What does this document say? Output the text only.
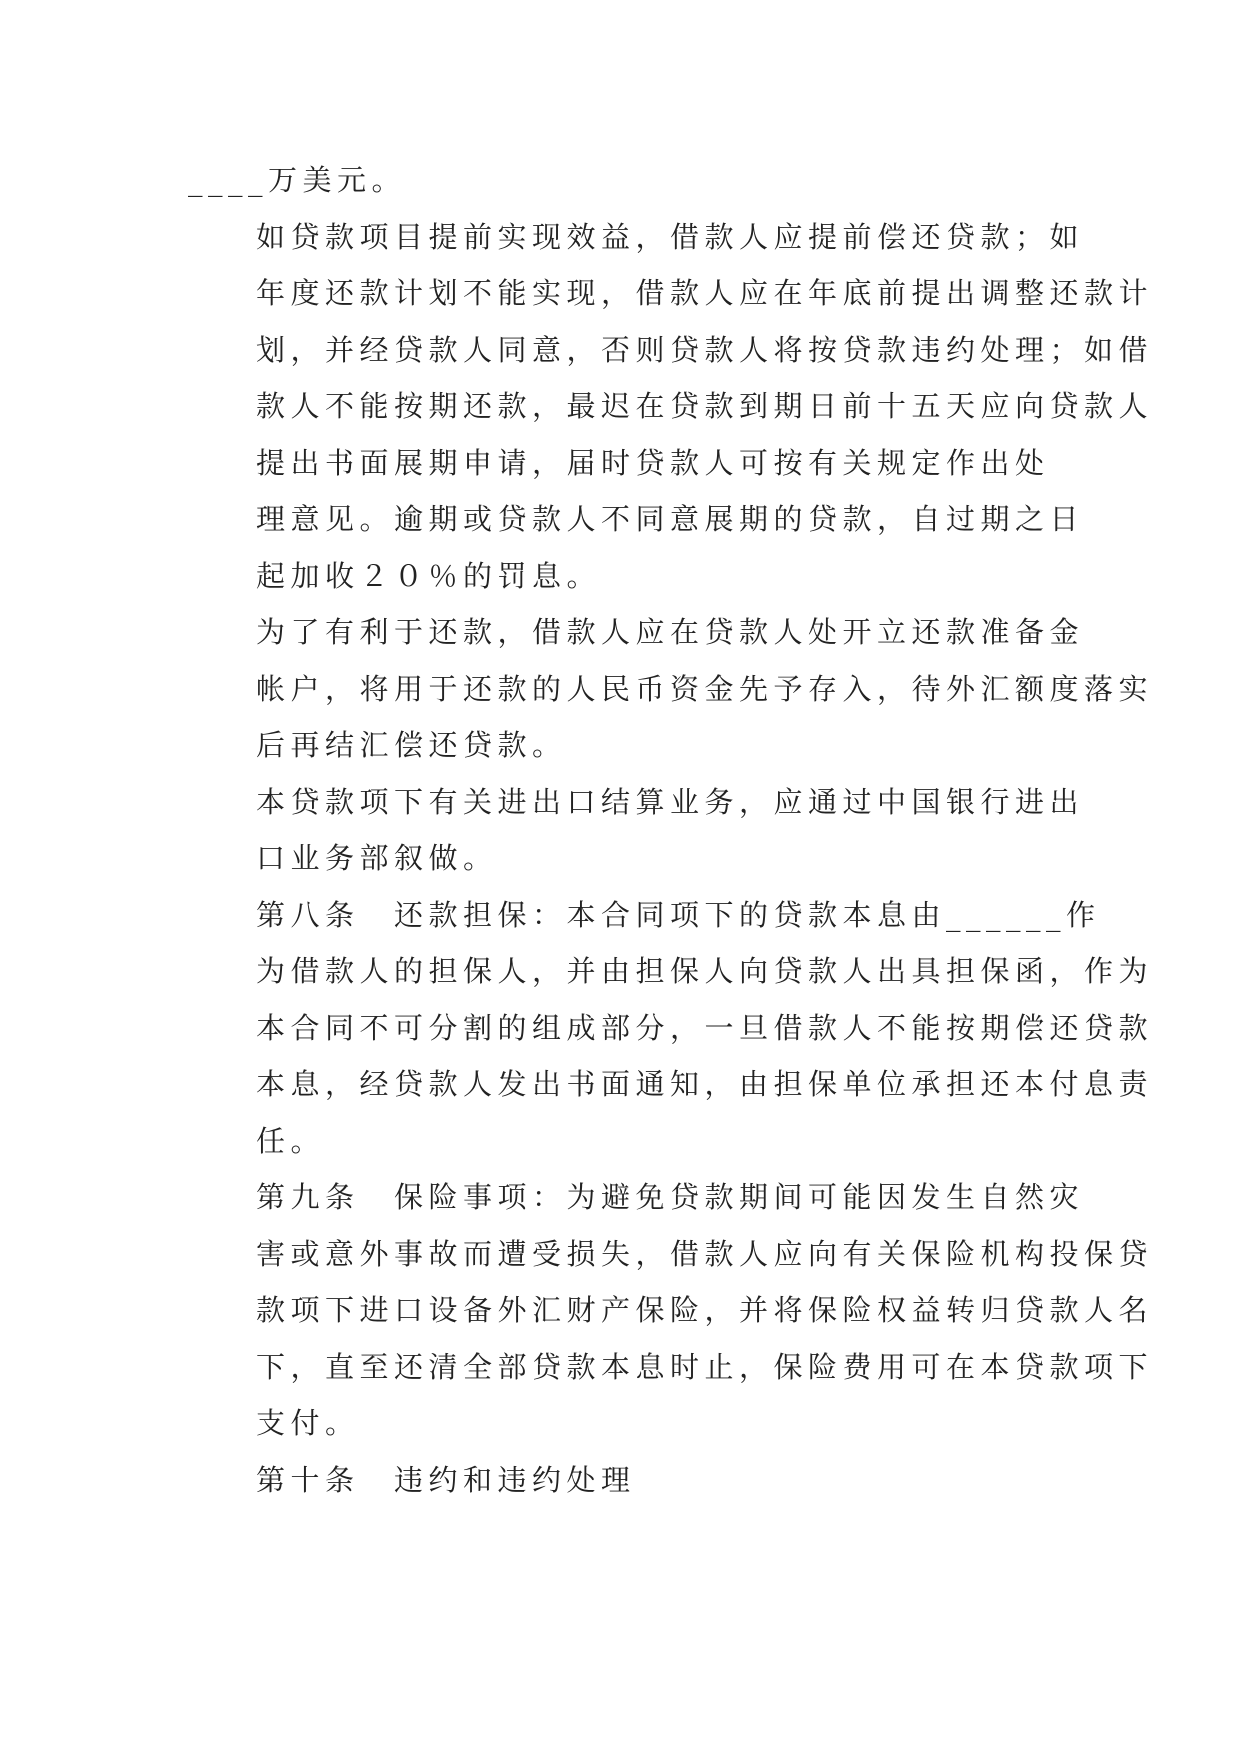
____万美元。

如贷款项目提前实现效益，借款人应提前偿还贷款；如
年度还款计划不能实现，借款人应在年底前提出调整还款计
划，并经贷款人同意，否则贷款人将按贷款违约处理；如借
款人不能按期还款，最迟在贷款到期日前十五天应向贷款人
提出书面展期申请，届时贷款人可按有关规定作出处

理意见。逾期或贷款人不同意展期的贷款，自过期之日
起加收２０％的罚息。

为了有利于还款，借款人应在贷款人处开立还款准备金
帐户，将用于还款的人民币资金先予存入，待外汇额度落实
后再结汇偿还贷款。

本贷款项下有关进出口结算业务，应通过中国银行进出
口业务部叙做。

第八条　还款担保：本合同项下的贷款本息由______作
为借款人的担保人，并由担保人向贷款人出具担保函，作为
本合同不可分割的组成部分，一旦借款人不能按期偿还贷款
本息，经贷款人发出书面通知，由担保单位承担还本付息责
任。

第九条　保险事项：为避免贷款期间可能因发生自然灾
害或意外事故而遭受损失，借款人应向有关保险机构投保贷
款项下进口设备外汇财产保险，并将保险权益转归贷款人名
下，直至还清全部贷款本息时止，保险费用可在本贷款项下
支付。

第十条　违约和违约处理
